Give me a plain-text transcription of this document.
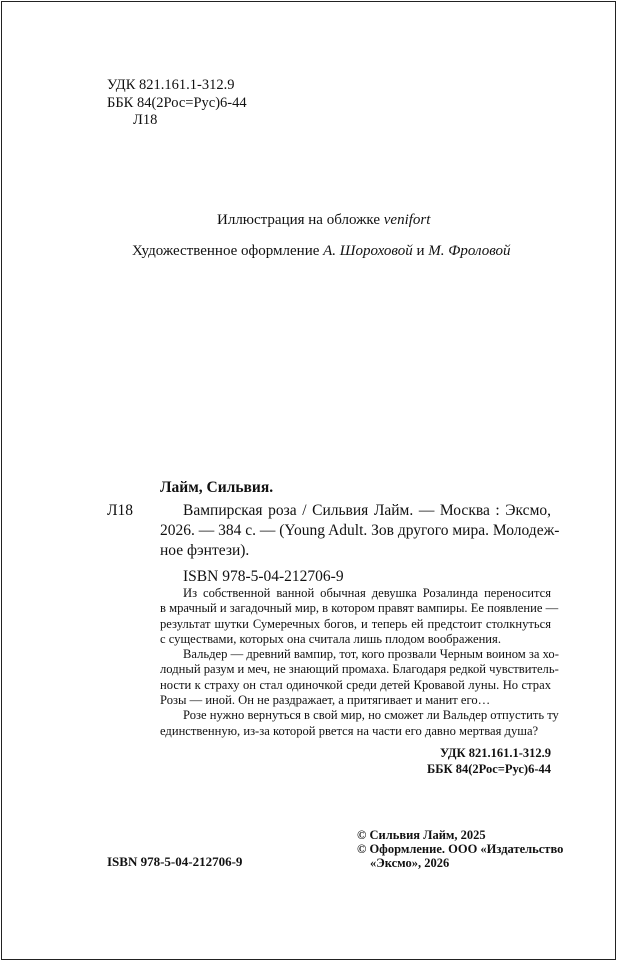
УДК 821.161.1-312.9
ББК 84(2Рос=Рус)6-44
Л18
Иллюстрация на обложке venifort
Художественное оформление А. Шороховой и М. Фроловой
Лайм, Сильвия.
Л18	Вампирская роза / Сильвия Лайм. — Москва : Эксмо,
2026. — 384 с. — (Young Adult. Зов другого мира. Молодеж-
ное фэнтези).
ISBN 978-5-04-212706-9
Из собственной ванной обычная девушка Розалинда переносится
в мрачный и загадочный мир, в котором правят вампиры. Ее появление —
результат шутки Сумеречных богов, и теперь ей предстоит столкнуться
с существами, которых она считала лишь плодом воображения.
Вальдер — древний вампир, тот, кого прозвали Черным воином за хо-
лодный разум и меч, не знающий промаха. Благодаря редкой чувствитель-
ности к страху он стал одиночкой среди детей Кровавой луны. Но страх
Розы — иной. Он не раздражает, а притягивает и манит его…
Розе нужно вернуться в свой мир, но сможет ли Вальдер отпустить ту
единственную, из-за которой рвется на части его давно мертвая душа?
УДК 821.161.1-312.9
ББК 84(2Рос=Рус)6-44
ISBN 978-5-04-212706-9
© Сильвия Лайм, 2025
© Оформление. ООО «Издательство
«Эксмо», 2026
